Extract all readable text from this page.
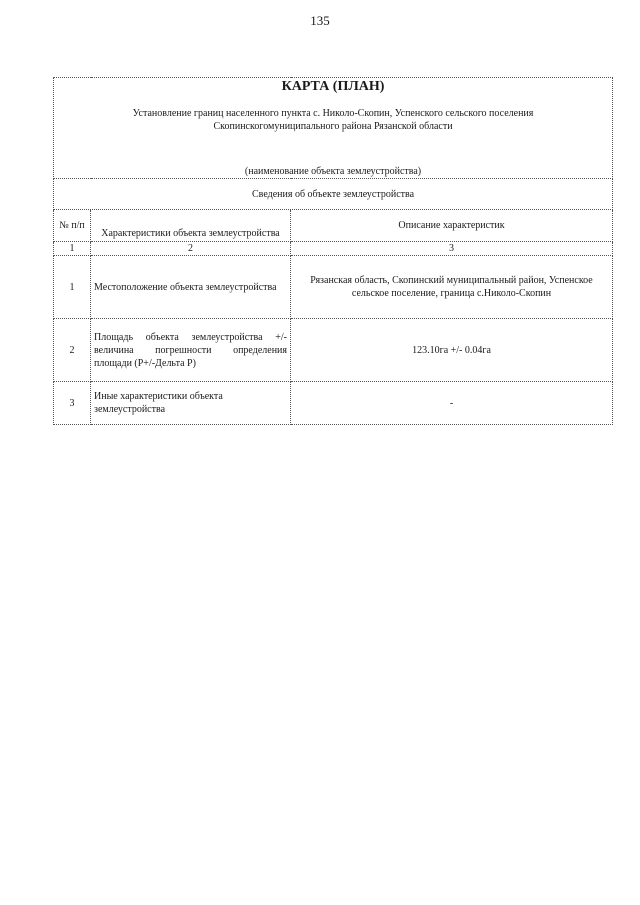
135
КАРТА (ПЛАН)
Установление границ населенного пункта с. Николо-Скопин, Успенского сельского поселения
Скопинскогомуниципального района Рязанской области
(наименование объекта землеустройства)		

Сведения об объекте землеустройства		
№ п/п	Характеристики объекта землеустройства	Описание характеристик
1	2	3
1	Местоположение объекта землеустройства	Рязанская область, Скопинский муниципальный район, Успенское сельское поселение, граница с.Николо-Скопин
2	Площадь объекта землеустройства +/- величина погрешности определения площади (Р+/-Дельта Р)	123.10га +/- 0.04га
3	Иные характеристики объекта землеустройства	-
